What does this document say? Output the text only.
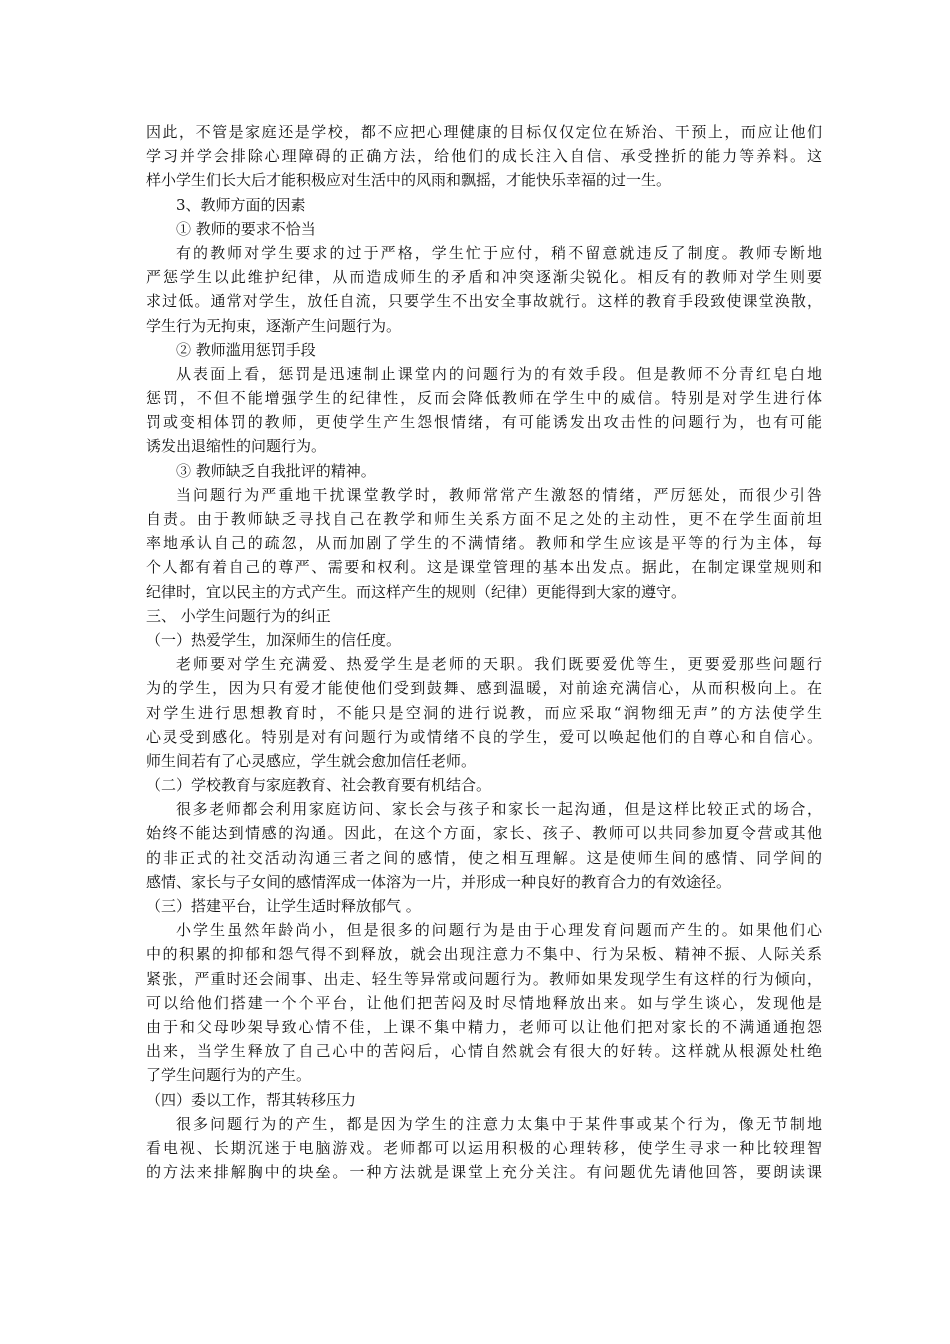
因此，不管是家庭还是学校，都不应把心理健康的目标仅仅定位在矫治、干预上，而应让他们
学习并学会排除心理障碍的正确方法，给他们的成长注入自信、承受挫折的能力等养料。这
样小学生们长大后才能积极应对生活中的风雨和飘摇，才能快乐幸福的过一生。
3、教师方面的因素
① 教师的要求不恰当
有的教师对学生要求的过于严格，学生忙于应付，稍不留意就违反了制度。教师专断地
严惩学生以此维护纪律，从而造成师生的矛盾和冲突逐渐尖锐化。相反有的教师对学生则要
求过低。通常对学生，放任自流，只要学生不出安全事故就行。这样的教育手段致使课堂涣散，
学生行为无拘束，逐渐产生问题行为。
② 教师滥用惩罚手段
从表面上看，惩罚是迅速制止课堂内的问题行为的有效手段。但是教师不分青红皂白地
惩罚，不但不能增强学生的纪律性，反而会降低教师在学生中的威信。特别是对学生进行体
罚或变相体罚的教师，更使学生产生怨恨情绪，有可能诱发出攻击性的问题行为，也有可能
诱发出退缩性的问题行为。
③ 教师缺乏自我批评的精神。
当问题行为严重地干扰课堂教学时，教师常常产生激怒的情绪，严厉惩处，而很少引咎
自责。由于教师缺乏寻找自己在教学和师生关系方面不足之处的主动性，更不在学生面前坦
率地承认自己的疏忽，从而加剧了学生的不满情绪。教师和学生应该是平等的行为主体，每
个人都有着自己的尊严、需要和权利。这是课堂管理的基本出发点。据此，在制定课堂规则和
纪律时，宜以民主的方式产生。而这样产生的规则（纪律）更能得到大家的遵守。
三、 小学生问题行为的纠正
（一）热爱学生，加深师生的信任度。
老师要对学生充满爱、热爱学生是老师的天职。我们既要爱优等生，更要爱那些问题行
为的学生，因为只有爱才能使他们受到鼓舞、感到温暖，对前途充满信心，从而积极向上。在
对学生进行思想教育时，不能只是空洞的进行说教，而应采取“润物细无声”的方法使学生
心灵受到感化。特别是对有问题行为或情绪不良的学生，爱可以唤起他们的自尊心和自信心。
师生间若有了心灵感应，学生就会愈加信任老师。
（二）学校教育与家庭教育、社会教育要有机结合。
很多老师都会利用家庭访问、家长会与孩子和家长一起沟通，但是这样比较正式的场合，
始终不能达到情感的沟通。因此，在这个方面，家长、孩子、教师可以共同参加夏令营或其他
的非正式的社交活动沟通三者之间的感情，使之相互理解。这是使师生间的感情、同学间的
感情、家长与子女间的感情浑成一体溶为一片，并形成一种良好的教育合力的有效途径。
（三）搭建平台，让学生适时释放郁气 。
小学生虽然年龄尚小，但是很多的问题行为是由于心理发育问题而产生的。如果他们心
中的积累的抑郁和怨气得不到释放，就会出现注意力不集中、行为呆板、精神不振、人际关系
紧张，严重时还会闹事、出走、轻生等异常或问题行为。教师如果发现学生有这样的行为倾向，
可以给他们搭建一个个平台，让他们把苦闷及时尽情地释放出来。如与学生谈心，发现他是
由于和父母吵架导致心情不佳，上课不集中精力，老师可以让他们把对家长的不满通通抱怨
出来，当学生释放了自己心中的苦闷后，心情自然就会有很大的好转。这样就从根源处杜绝
了学生问题行为的产生。
（四）委以工作，帮其转移压力
很多问题行为的产生，都是因为学生的注意力太集中于某件事或某个行为，像无节制地
看电视、长期沉迷于电脑游戏。老师都可以运用积极的心理转移，使学生寻求一种比较理智
的方法来排解胸中的块垒。一种方法就是课堂上充分关注。有问题优先请他回答，要朗读课
